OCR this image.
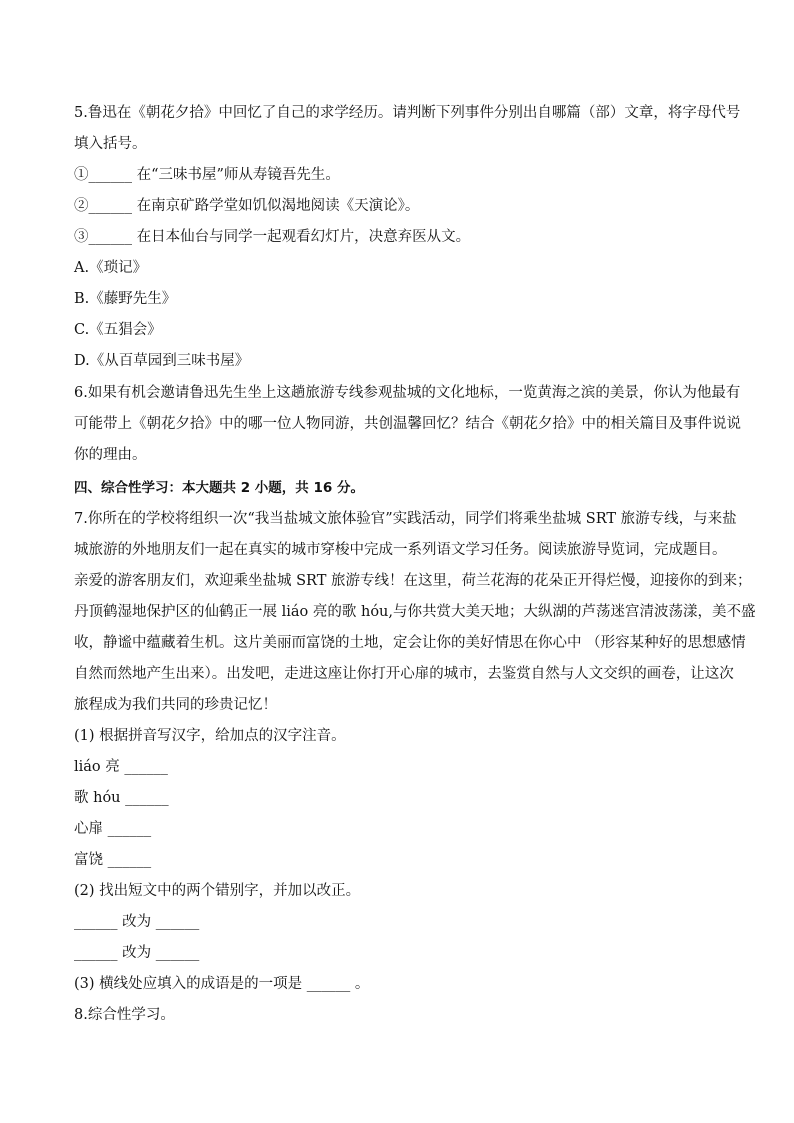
5.鲁迅在《朝花夕拾》中回忆了自己的求学经历。请判断下列事件分别出自哪篇（部）文章，将字母代号
填入括号。
①______ 在“三味书屋”师从寿镜吾先生。
②______ 在南京矿路学堂如饥似渴地阅读《天演论》。
③______ 在日本仙台与同学一起观看幻灯片，决意弃医从文。
A.《琐记》
B.《藤野先生》
C.《五猖会》
D.《从百草园到三味书屋》
6.如果有机会邀请鲁迅先生坐上这趟旅游专线参观盐城的文化地标，一览黄海之滨的美景，你认为他最有
可能带上《朝花夕拾》中的哪一位人物同游，共创温馨回忆？结合《朝花夕拾》中的相关篇目及事件说说
你的理由。
四、综合性学习：本大题共 2 小题，共 16 分。
7.你所在的学校将组织一次“我当盐城文旅体验官”实践活动，同学们将乘坐盐城 SRT 旅游专线，与来盐
城旅游的外地朋友们一起在真实的城市穿梭中完成一系列语文学习任务。阅读旅游导览词，完成题目。
亲爱的游客朋友们，欢迎乘坐盐城 SRT 旅游专线！在这里，荷兰花海的花朵正开得烂慢，迎接你的到来；
丹顶鹤湿地保护区的仙鹤正一展 liáo 亮的歌 hóu,与你共赏大美天地；大纵湖的芦荡迷宫清波荡漾，美不盛
收，静谧中蕴藏着生机。这片美丽而富饶的土地，定会让你的美好情思在你心中 （形容某种好的思想感情
自然而然地产生出来）。出发吧，走进这座让你打开心扉的城市，去鉴赏自然与人文交织的画卷，让这次
旅程成为我们共同的珍贵记忆！
(1) 根据拼音写汉字，给加点的汉字注音。
liáo 亮 ______
歌 hóu ______
心扉 ______
富饶 ______
(2) 找出短文中的两个错别字，并加以改正。
______ 改为 ______
______ 改为 ______
(3) 横线处应填入的成语是的一项是 ______ 。
8.综合性学习。
